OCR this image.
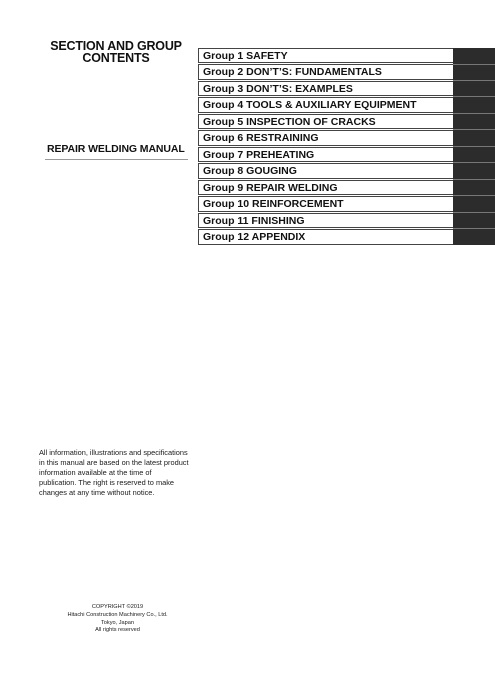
SECTION AND GROUP
CONTENTS
REPAIR WELDING MANUAL
Group 1 SAFETY
Group 2 DON’T’S: FUNDAMENTALS
Group 3 DON’T’S: EXAMPLES
Group 4 TOOLS & AUXILIARY EQUIPMENT
Group 5 INSPECTION OF CRACKS
Group 6 RESTRAINING
Group 7 PREHEATING
Group 8 GOUGING
Group 9 REPAIR WELDING
Group 10 REINFORCEMENT
Group 11 FINISHING
Group 12 APPENDIX
All information, illustrations and specifications in this manual are based on the latest product information available at the time of publication. The right is reserved to make changes at any time without notice.
COPYRIGHT ©2019
Hitachi Construction Machinery Co., Ltd.
Tokyo, Japan
All rights reserved
